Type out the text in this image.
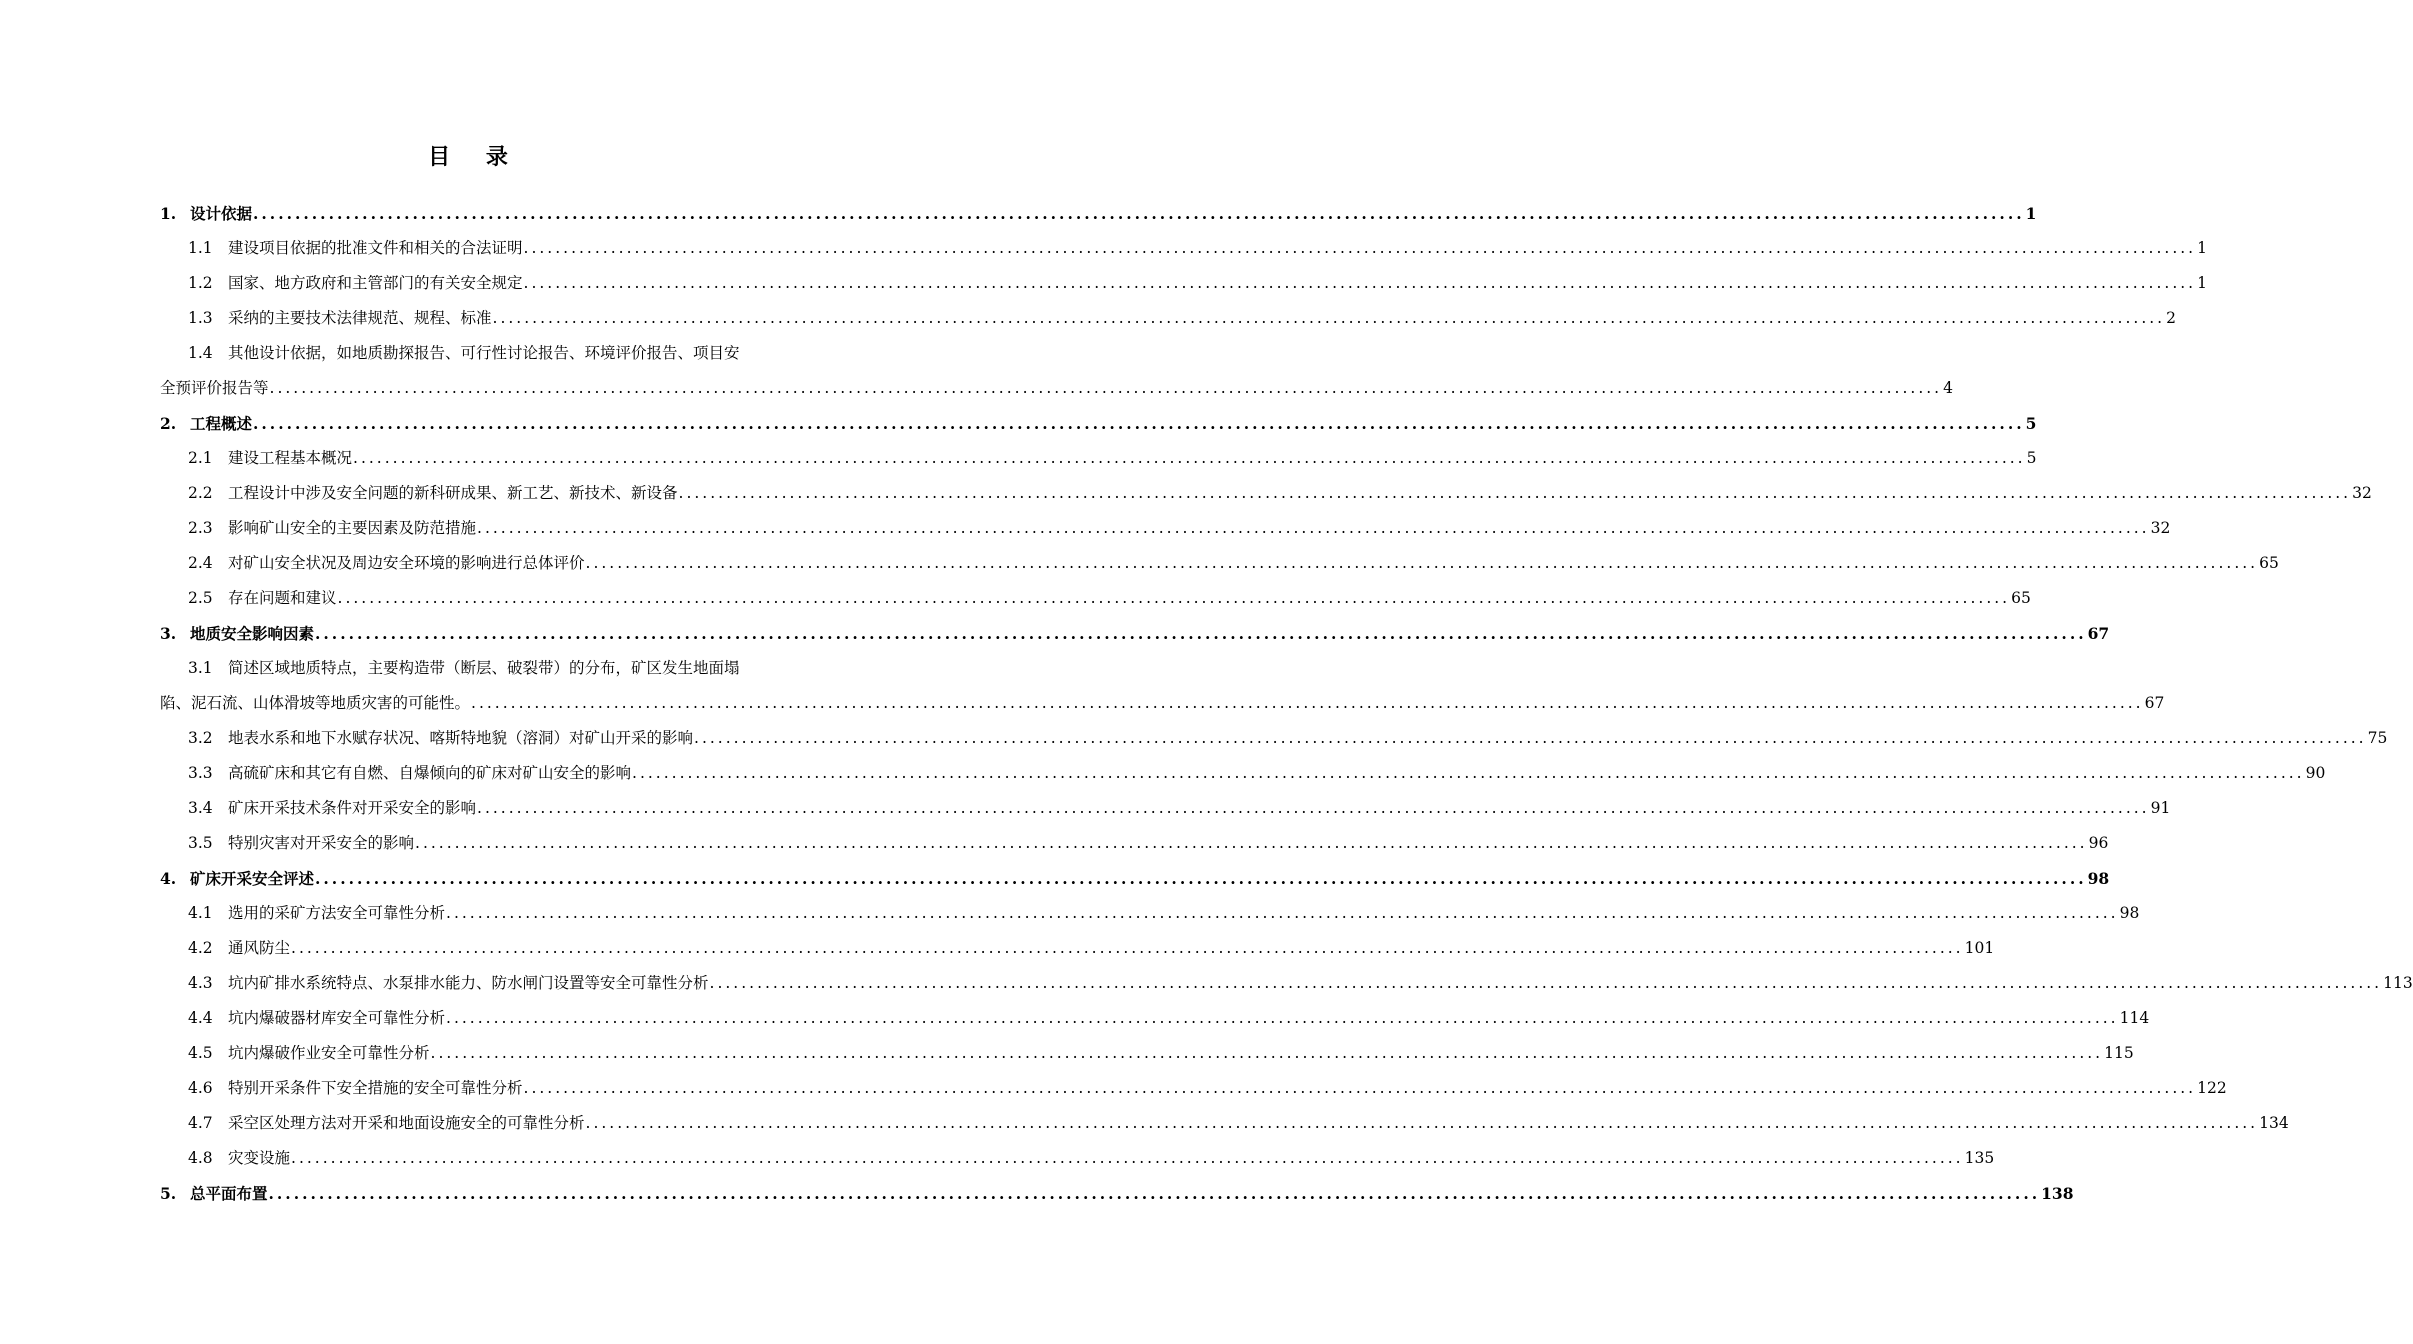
目 录
1. 设计依据 ................................................................................................................................................................................................................... 1
1.1 建设项目依据的批准文件和相关的合法证明 ................................................................................................................................................................................................................... 1
1.2 国家、地方政府和主管部门的有关安全规定 ................................................................................................................................................................................................................... 1
1.3 采纳的主要技术法律规范、规程、标准 ................................................................................................................................................................................................................... 2
1.4 其他设计依据，如地质勘探报告、可行性讨论报告、环境评价报告、项目安
全预评价报告等 ................................................................................................................................................................................................................... 4
2. 工程概述 ................................................................................................................................................................................................................... 5
2.1 建设工程基本概况 ................................................................................................................................................................................................................... 5
2.2 工程设计中涉及安全问题的新科研成果、新工艺、新技术、新设备 ................................................................................................................................................................................................................... 32
2.3 影响矿山安全的主要因素及防范措施 ................................................................................................................................................................................................................... 32
2.4 对矿山安全状况及周边安全环境的影响进行总体评价 ................................................................................................................................................................................................................... 65
2.5 存在问题和建议 ................................................................................................................................................................................................................... 65
3. 地质安全影响因素 ................................................................................................................................................................................................................... 67
3.1 简述区域地质特点，主要构造带（断层、破裂带）的分布，矿区发生地面塌
陷、泥石流、山体滑坡等地质灾害的可能性。 ................................................................................................................................................................................................................... 67
3.2 地表水系和地下水赋存状况、喀斯特地貌（溶洞）对矿山开采的影响 ................................................................................................................................................................................................................... 75
3.3 高硫矿床和其它有自燃、自爆倾向的矿床对矿山安全的影响 ................................................................................................................................................................................................................... 90
3.4 矿床开采技术条件对开采安全的影响 ................................................................................................................................................................................................................... 91
3.5 特别灾害对开采安全的影响 ................................................................................................................................................................................................................... 96
4. 矿床开采安全评述 ................................................................................................................................................................................................................... 98
4.1 选用的采矿方法安全可靠性分析 ................................................................................................................................................................................................................... 98
4.2 通风防尘 ................................................................................................................................................................................................................... 101
4.3 坑内矿排水系统特点、水泵排水能力、防水闸门设置等安全可靠性分析 ................................................................................................................................................................................................................... 113
4.4 坑内爆破器材库安全可靠性分析 ................................................................................................................................................................................................................... 114
4.5 坑内爆破作业安全可靠性分析 ................................................................................................................................................................................................................... 115
4.6 特别开采条件下安全措施的安全可靠性分析 ................................................................................................................................................................................................................... 122
4.7 采空区处理方法对开采和地面设施安全的可靠性分析 ................................................................................................................................................................................................................... 134
4.8 灾变设施 ................................................................................................................................................................................................................... 135
5. 总平面布置 ................................................................................................................................................................................................................... 138
